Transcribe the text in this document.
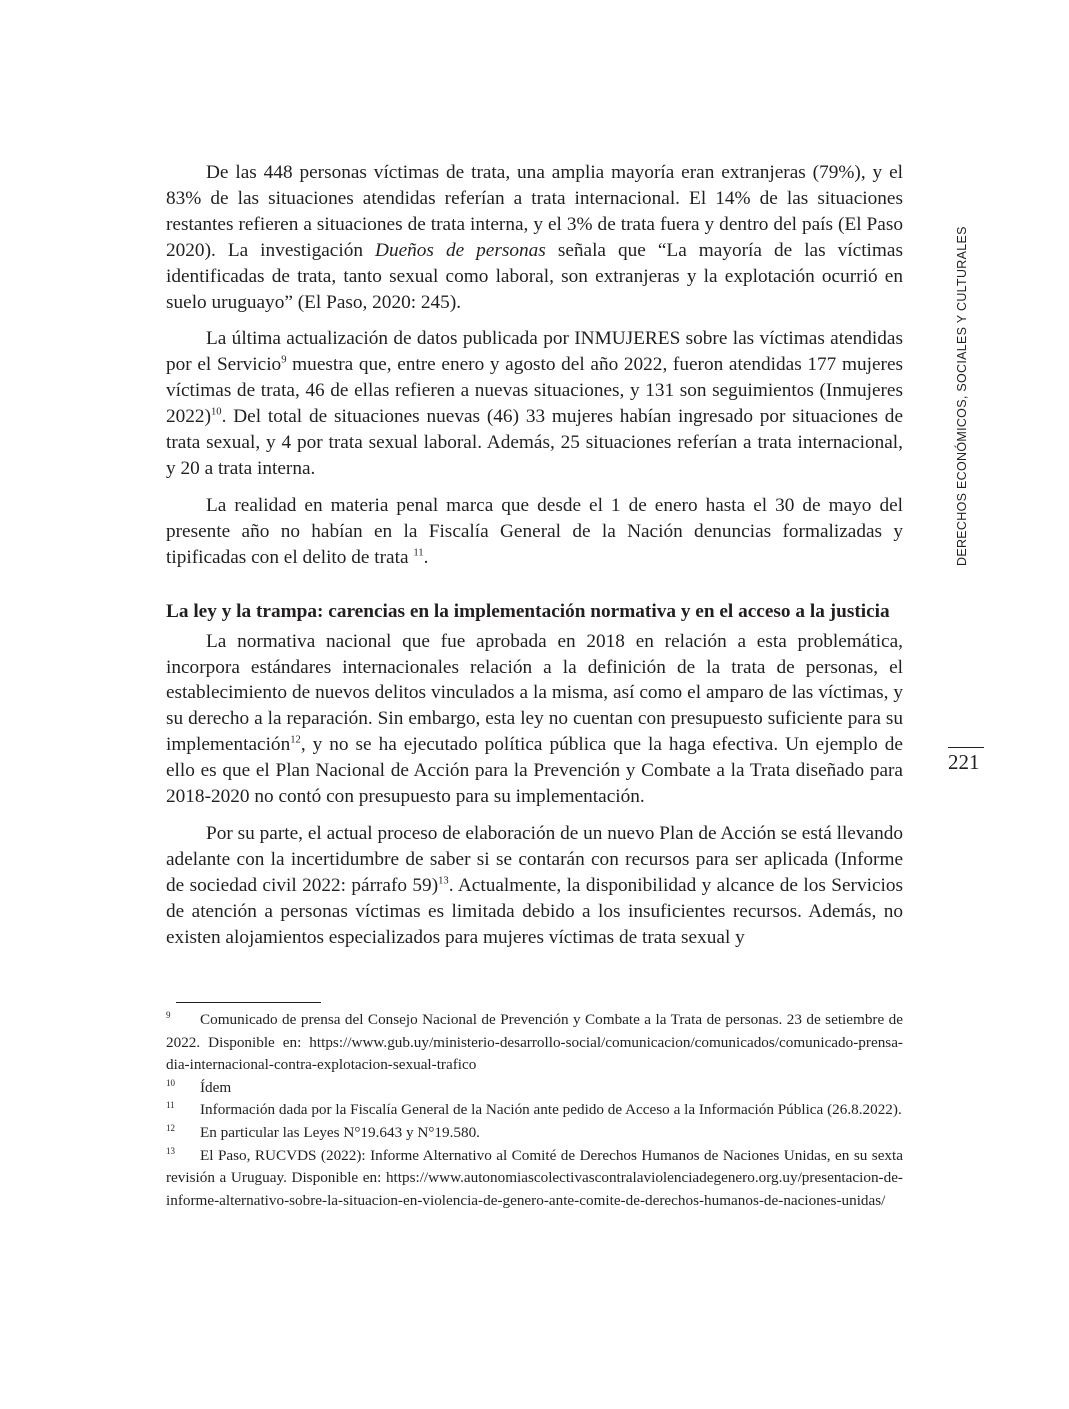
De las 448 personas víctimas de trata, una amplia mayoría eran extranjeras (79%), y el 83% de las situaciones atendidas referían a trata internacional. El 14% de las situaciones restantes refieren a situaciones de trata interna, y el 3% de trata fuera y dentro del país (El Paso 2020). La investigación Dueños de personas señala que “La mayoría de las víctimas identificadas de trata, tanto sexual como laboral, son extranjeras y la explotación ocurrió en suelo uruguayo” (El Paso, 2020: 245).

La última actualización de datos publicada por INMUJERES sobre las víctimas atendidas por el Servicio$^9$ muestra que, entre enero y agosto del año 2022, fueron atendidas 177 mujeres víctimas de trata, 46 de ellas refieren a nuevas situaciones, y 131 son seguimientos (Inmujeres 2022)$^{10}$. Del total de situaciones nuevas (46) 33 mujeres habían ingresado por situaciones de trata sexual, y 4 por trata sexual laboral. Además, 25 situaciones referían a trata internacional, y 20 a trata interna.

La realidad en materia penal marca que desde el 1 de enero hasta el 30 de mayo del presente año no habían en la Fiscalía General de la Nación denuncias formalizadas y tipificadas con el delito de trata $^{11}$.

La ley y la trampa: carencias en la implementación normativa y en el acceso a la justicia

La normativa nacional que fue aprobada en 2018 en relación a esta problemática, incorpora estándares internacionales relación a la definición de la trata de personas, el establecimiento de nuevos delitos vinculados a la misma, así como el amparo de las víctimas, y su derecho a la reparación. Sin embargo, esta ley no cuentan con presupuesto suficiente para su implementación$^{12}$, y no se ha ejecutado política pública que la haga efectiva. Un ejemplo de ello es que el Plan Nacional de Acción para la Prevención y Combate a la Trata diseñado para 2018-2020 no contó con presupuesto para su implementación.

Por su parte, el actual proceso de elaboración de un nuevo Plan de Acción se está llevando adelante con la incertidumbre de saber si se contarán con recursos para ser aplicada (Informe de sociedad civil 2022: párrafo 59)$^{13}$. Actualmente, la disponibilidad y alcance de los Servicios de atención a personas víctimas es limitada debido a los insuficientes recursos. Además, no existen alojamientos especializados para mujeres víctimas de trata sexual y

9 Comunicado de prensa del Consejo Nacional de Prevención y Combate a la Trata de personas. 23 de setiembre de 2022. Disponible en: https://www.gub.uy/ministerio-desarrollo-social/comunicacion/comunicados/comunicado-prensa-dia-internacional-contra-explotacion-sexual-trafico

10 Ídem

11 Información dada por la Fiscalía General de la Nación ante pedido de Acceso a la Información Pública (26.8.2022).

12 En particular las Leyes N°19.643 y N°19.580.

13 El Paso, RUCVDS (2022): Informe Alternativo al Comité de Derechos Humanos de Naciones Unidas, en su sexta revisión a Uruguay. Disponible en: https://www.autonomiascolectivascontralaviolenciadegenero.org.uy/presentacion-de-informe-alternativo-sobre-la-situacion-en-violencia-de-genero-ante-comite-de-derechos-humanos-de-naciones-unidas/

DERECHOS ECONÓMICOS, SOCIALES Y CULTURALES
221
